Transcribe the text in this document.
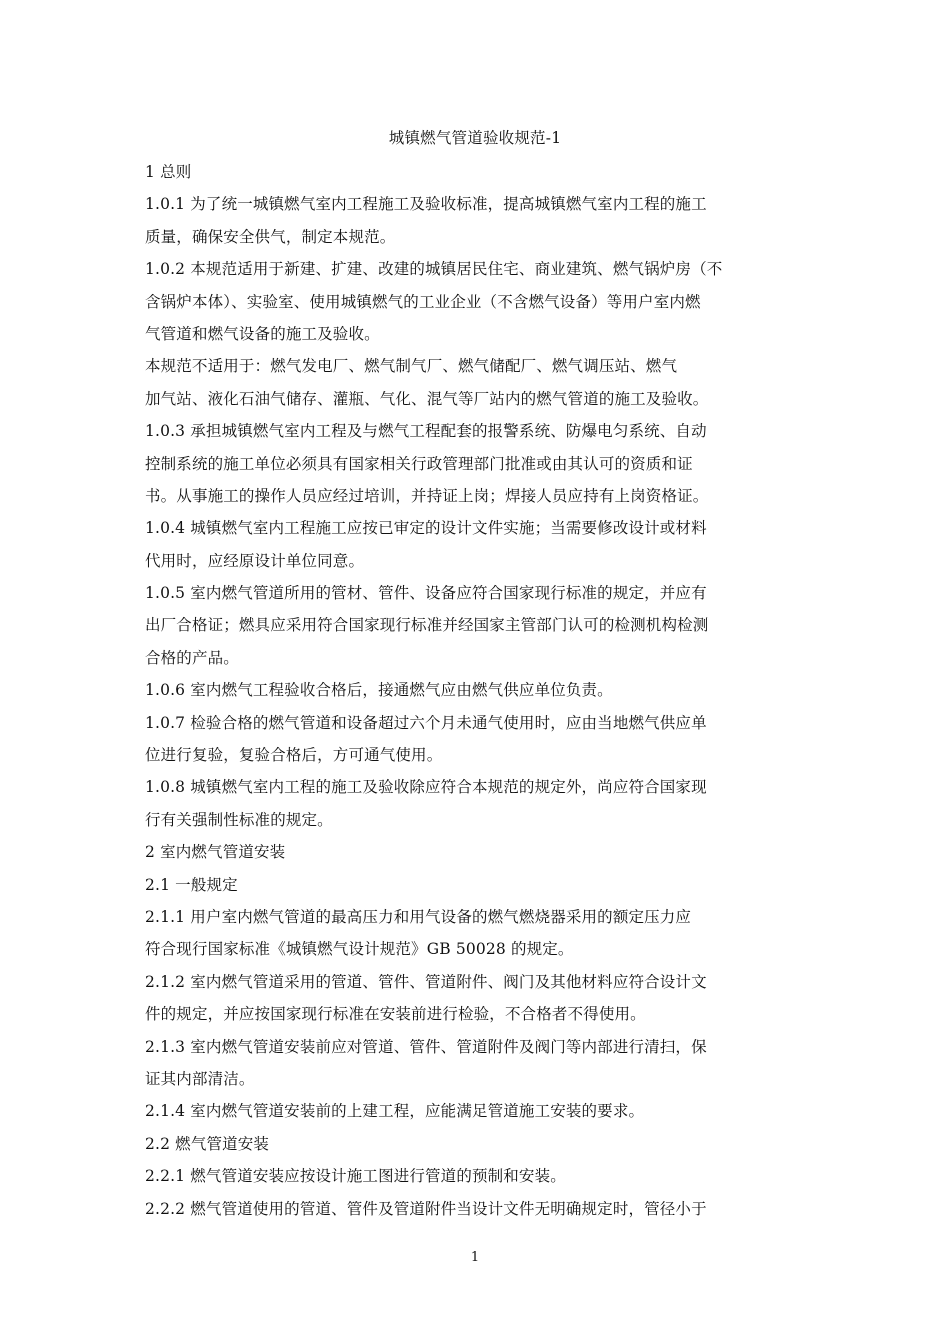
城镇燃气管道验收规范-1
1 总则
1.0.1 为了统一城镇燃气室内工程施工及验收标准，提高城镇燃气室内工程的施工
质量，确保安全供气，制定本规范。
1.0.2 本规范适用于新建、扩建、改建的城镇居民住宅、商业建筑、燃气锅炉房（不
含锅炉本体）、实验室、使用城镇燃气的工业企业（不含燃气设备）等用户室内燃
气管道和燃气设备的施工及验收。
本规范不适用于：燃气发电厂、燃气制气厂、燃气储配厂、燃气调压站、燃气
加气站、液化石油气储存、灌瓶、气化、混气等厂站内的燃气管道的施工及验收。
1.0.3 承担城镇燃气室内工程及与燃气工程配套的报警系统、防爆电匀系统、自动
控制系统的施工单位必须具有国家相关行政管理部门批准或由其认可的资质和证
书。从事施工的操作人员应经过培训，并持证上岗；焊接人员应持有上岗资格证。
1.0.4 城镇燃气室内工程施工应按已审定的设计文件实施；当需要修改设计或材料
代用时，应经原设计单位同意。
1.0.5 室内燃气管道所用的管材、管件、设备应符合国家现行标准的规定，并应有
出厂合格证；燃具应采用符合国家现行标准并经国家主管部门认可的检测机构检测
合格的产品。
1.0.6 室内燃气工程验收合格后，接通燃气应由燃气供应单位负责。
1.0.7 检验合格的燃气管道和设备超过六个月未通气使用时，应由当地燃气供应单
位进行复验，复验合格后，方可通气使用。
1.0.8 城镇燃气室内工程的施工及验收除应符合本规范的规定外，尚应符合国家现
行有关强制性标准的规定。
2 室内燃气管道安装
2.1 一般规定
2.1.1 用户室内燃气管道的最高压力和用气设备的燃气燃烧器采用的额定压力应
符合现行国家标准《城镇燃气设计规范》GB 50028 的规定。
2.1.2 室内燃气管道采用的管道、管件、管道附件、阀门及其他材料应符合设计文
件的规定，并应按国家现行标准在安装前进行检验，不合格者不得使用。
2.1.3 室内燃气管道安装前应对管道、管件、管道附件及阀门等内部进行清扫，保
证其内部清洁。
2.1.4 室内燃气管道安装前的上建工程，应能满足管道施工安装的要求。
2.2 燃气管道安装
2.2.1 燃气管道安装应按设计施工图进行管道的预制和安装。
2.2.2 燃气管道使用的管道、管件及管道附件当设计文件无明确规定时，管径小于
1
